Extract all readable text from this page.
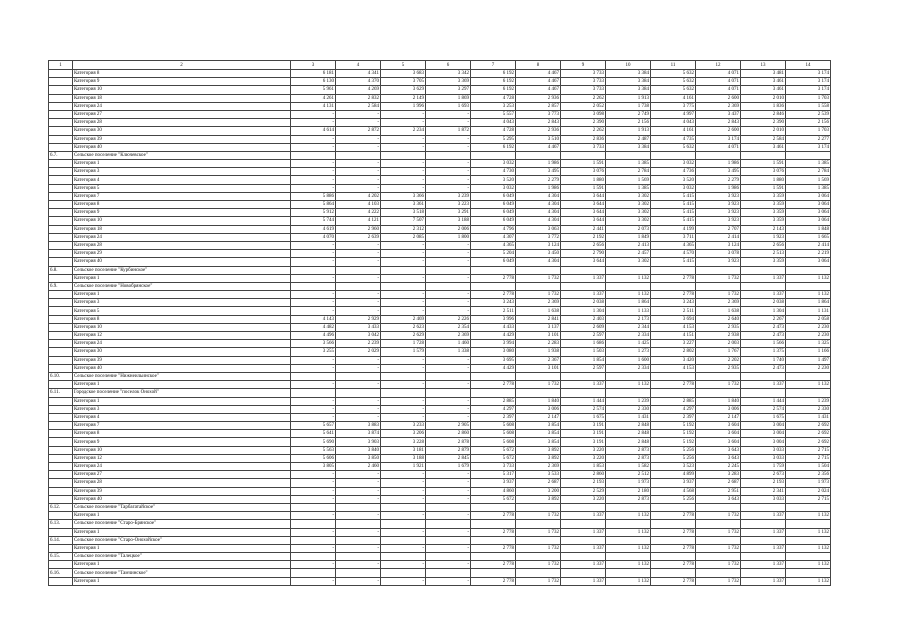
1	2	3	4	5	6	7	8	9	10	11	12	13	14
	Категория 8	6 181	4 341	3 683	3 342	6 192	4 467	3 733	3 384	5 632	4 071	3 481	3 174
	Категория 9	6 130	4 370	3 705	3 369	6 192	4 467	3 733	3 384	5 632	4 071	3 461	3 174
	Категория 10	5 961	4 269	3 629	3 297	6 192	4 467	3 733	3 384	5 632	4 071	3 461	3 174
	Категория 18	4 261	2 832	2 149	1 869	4 728	2 936	2 262	1 913	4 161	2 600	2 010	1 703
	Категория 24	4 131	2 584	1 996	1 693	3 253	2 857	2 052	1 738	3 775	2 369	1 836	1 558
	Категория 27	-	-	-	-	5 557	3 773	3 098	2 749	4 997	3 437	2 846	2 539
	Категория 28	-	-	-	-	4 043	2 843	2 390	2 156	4 043	2 843	2 390	2 156
	Категория 30	4 614	2 872	2 234	1 872	4 728	2 936	2 262	1 913	4 161	2 600	2 010	1 703
	Категория 39	-	-	-	-	5 295	3 510	2 836	2 487	4 735	3 174	2 584	2 277
	Категория 40	-	-	-	-	6 192	4 467	3 733	3 384	5 632	4 071	3 461	3 174
6.7.	Сельское поселение "Ключевское"												
	Категория 1	-	-	-	-	3 032	1 986	1 591	1 385	3 032	1 986	1 591	1 385
	Категория 3	-	-	-	-	4 730	3 495	3 076	2 784	4 736	3 495	3 076	2 784
	Категория 4	-	-	-	-	3 520	2 279	1 880	1 569	3 520	2 279	1 880	1 569
	Категория 5	-	-	-	-	3 032	1 986	1 591	1 385	3 032	1 986	1 591	1 385
	Категория 7	5 886	4 202	3 366	3 239	6 049	4 304	3 644	3 302	5 415	3 923	3 359	3 064
	Категория 8	5 864	4 103	3 361	3 223	6 049	4 304	3 644	3 302	5 415	3 923	3 359	3 064
	Категория 9	5 912	4 222	3 518	3 291	6 049	4 304	3 644	3 302	5 415	3 923	3 359	3 064
	Категория 10	5 744	4 121	7 507	3 188	6 049	4 304	3 644	3 302	5 415	3 923	3 359	3 064
	Категория 18	4 619	2 960	2 312	2 006	4 796	3 063	2 441	2 073	4 199	2 707	2 143	1 848
	Категория 24	4 070	2 639	2 085	1 800	4 307	3 772	2 192	1 849	3 711	2 414	1 923	1 665
	Категория 28	-	-	-	-	4 365	3 124	2 656	2 413	4 365	3 124	2 656	2 414
	Категория 29	-	-	-	-	5 204	3 450	2 790	2 457	4 570	3 078	2 513	2 219
	Категория 40	-	-	-	-	6 049	4 304	3 644	3 302	5 415	3 923	3 359	3 064
6.8.	Сельское поселение "Курбинское"												
	Категория 1	-	-	-	-	2 778	1 732	1 337	1 132	2 778	1 732	1 337	1 132
6.9.	Сельское поселение "Новобрянское"												
	Категория 1	-	-	-	-	2 778	1 732	1 337	1 132	2 778	1 732	1 337	1 132
	Категория 3	-	-	-	-	3 243	2 369	2 038	1 864	3 243	2 369	2 038	1 864
	Категория 5	-	-	-	-	2 511	1 638	1 304	1 133	2 511	1 638	1 304	1 131
	Категория 8	4 143	2 929	2 469	2 226	3 996	2 841	2 403	2 173	3 694	2 640	2 267	2 058
	Категория 10	4 482	3 433	2 623	2 354	4 433	3 137	2 609	2 344	4 153	2 935	2 473	2 230
	Категория 12	4 496	3 042	2 629	2 369	4 429	3 101	2 597	2 334	4 151	2 938	2 473	2 230
	Категория 24	3 566	2 239	1 728	1 460	3 994	2 283	1 686	1 425	3 227	2 003	1 566	1 325
	Категория 30	3 255	2 029	1 579	1 338	3 080	1 938	1 503	1 273	2 802	1 767	1 375	1 166
	Категория 39	-	-	-	-	3 695	2 367	1 854	1 600	3 420	2 202	1 740	1 497
	Категория 40	-	-	-	-	4 429	3 101	2 597	2 334	4 153	2 935	2 473	2 230
6.10.	Сельское поселение "Нижнеильинское"												
	Категория 1	-	-	-	-	2 778	1 732	1 337	1 132	2 778	1 732	1 337	1 132
6.11.	Городское поселение "поселок Онохой"												
	Категория 1	-	-	-	-	2 885	1 840	1 444	1 239	2 885	1 840	1 444	1 239
	Категория 3	-	-	-	-	4 297	3 006	2 574	2 330	4 297	3 006	2 574	2 330
	Категория 4	-	-	-	-	2 397	2 147	1 675	1 431	2 397	2 147	1 675	1 431
	Категория 7	5 657	3 883	3 233	2 905	5 608	3 854	3 191	2 848	5 192	3 604	3 004	2 692
	Категория 8	5 641	3 874	3 206	2 860	5 608	3 854	3 191	2 848	5 192	3 604	3 004	2 692
	Категория 9	5 690	3 903	3 228	2 878	5 608	3 854	3 191	2 848	5 192	3 604	3 004	2 692
	Категория 10	5 563	3 840	3 181	2 879	5 672	3 892	3 220	2 873	5 256	3 643	3 033	2 715
	Категория 12	5 606	3 850	3 188	2 845	5 672	3 892	3 220	2 873	5 256	3 643	3 033	2 715
	Категория 24	3 805	2 460	1 921	1 679	3 733	2 369	1 853	1 582	3 523	2 245	1 759	1 504
	Категория 27	-	-	-	-	5 317	3 533	2 860	2 512	4 899	3 283	2 673	2 356
	Категория 28	-	-	-	-	3 937	2 687	2 193	1 973	3 937	2 687	2 193	1 973
	Категория 39	-	-	-	-	4 860	3 200	2 529	2 180	4 568	2 951	2 341	2 024
	Категория 40	-	-	-	-	5 672	3 892	3 220	2 873	5 256	3 643	3 033	2 715
6.12.	Сельское поселение "Тарбагатайское"												
	Категория 1	-	-	-	-	2 778	1 732	1 337	1 132	2 778	1 732	1 337	1 132
6.13.	Сельское поселение "Старо-Брянское"												
	Категория 1	-	-	-	-	2 778	1 732	1 337	1 132	2 778	1 732	1 337	1 132
6.14.	Сельское поселение "Старо-Онохойское"												
	Категория 1	-	-	-	-	2 778	1 732	1 337	1 132	2 778	1 732	1 337	1 132
6.15.	Сельское поселение "Талецкое"												
	Категория 1	-	-	-	-	2 778	1 732	1 337	1 132	2 778	1 732	1 337	1 132
6.16.	Сельское поселение "Тамчинское"												
	Категория 1	-	-	-	-	2 778	1 732	1 337	1 132	2 778	1 732	1 337	1 132
